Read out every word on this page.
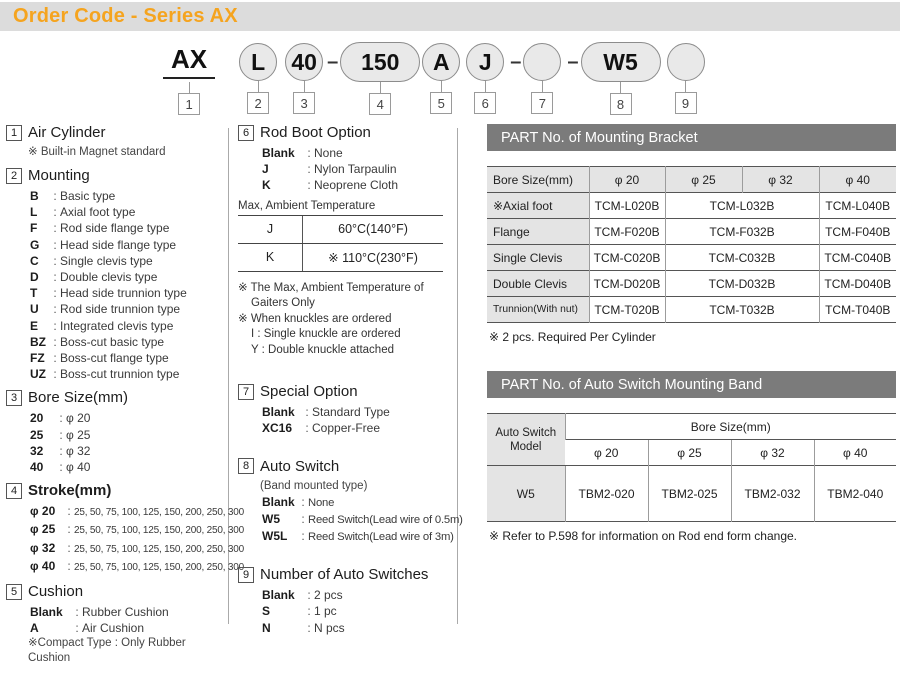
Order Code - Series AX
AX
1
L
2
40
3
– 150
4
A
5
J
6
–
7
–	W5
8	9
1 Air Cylinder
※ Built-in Magnet standard
2 Mounting
B :	Basic type
L :	Axial foot type
F :	Rod side flange type
G :	Head side flange type
C :	Single clevis type
D :	Double clevis type
T :	Head side trunnion type
U :	Rod side trunnion type
E :	Integrated clevis type
BZ :	Boss-cut basic type
FZ :	Boss-cut flange type
UZ :	Boss-cut trunnion type
3 Bore Size(mm)
20 :	φ 20
25 :	φ 25
32 :	φ 32
40 :	φ 40
4 Stroke(mm)
φ 20 :	25, 50, 75, 100, 125, 150, 200, 250, 300
φ 25 :	25, 50, 75, 100, 125, 150, 200, 250, 300
φ 32 :	25, 50, 75, 100, 125, 150, 200, 250, 300
φ 40 :	25, 50, 75, 100, 125, 150, 200, 250, 300
5 Cushion
Blank :	Rubber Cushion
A :	Air Cushion
※Compact Type : Only Rubber Cushion
6 Rod Boot Option
Blank :	None
J :	Nylon Tarpaulin
K :	Neoprene Cloth
Max, Ambient Temperature
J	60°C(140°F)
K	※ 110°C(230°F)
※ The Max, Ambient Temperature of
Gaiters Only
※ When knuckles are ordered
I : Single knuckle are ordered
Y : Double knuckle attached
7 Special Option
Blank :	Standard Type
XC16 :	Copper-Free
8 Auto Switch
(Band mounted type)
Blank : None
W5 :	Reed Switch(Lead wire of 0.5m)
W5L :	Reed Switch(Lead wire of 3m)
9 Number of Auto Switches
Blank :	2 pcs
S :	1 pc
N :	N pcs
PART No. of Mounting Bracket
Bore Size(mm)	φ 20	φ 25	φ 32	φ 40
※Axial foot	TCM-L020B	TCM-L032B		TCM-L040B
Flange	TCM-F020B	TCM-F032B		TCM-F040B
Single Clevis	TCM-C020B	TCM-C032B		TCM-C040B
Double Clevis	TCM-D020B	TCM-D032B		TCM-D040B
Trunnion(With nut)	TCM-T020B	TCM-T032B		TCM-T040B
※ 2 pcs. Required Per Cylinder
PART No. of Auto Switch Mounting Band
Auto Switch Model	Bore Size(mm)			
	φ 20	φ 25	φ 32	φ 40
W5	TBM2-020	TBM2-025	TBM2-032	TBM2-040
※ Refer to P.598 for information on Rod end form change.
